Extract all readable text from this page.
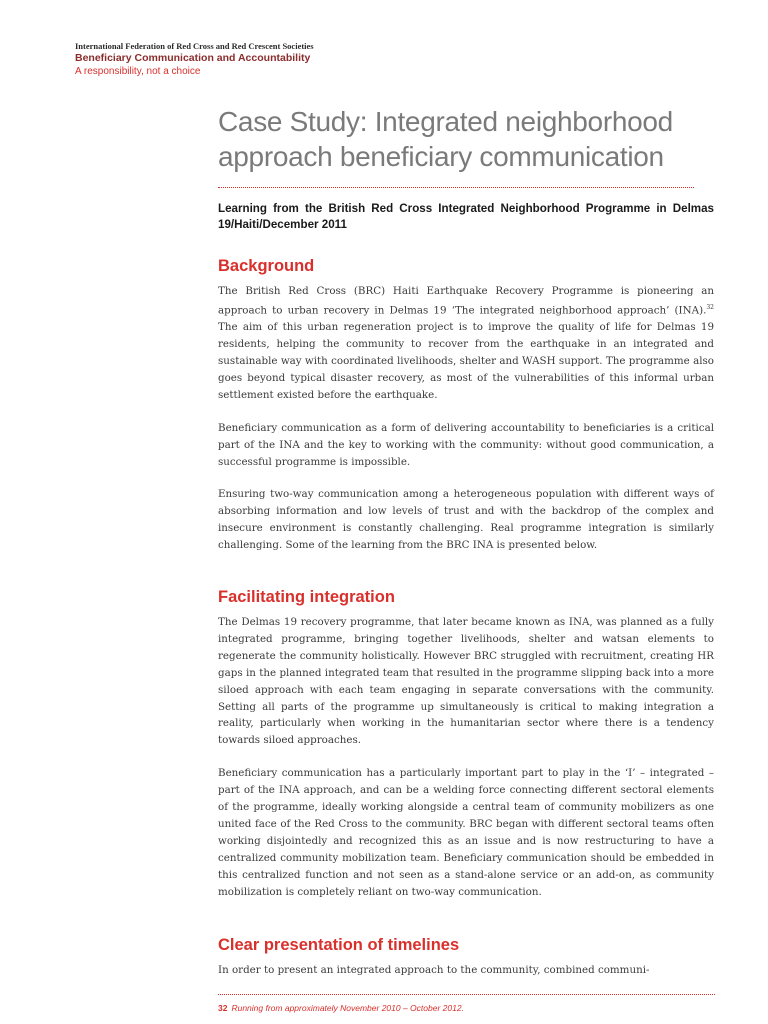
International Federation of Red Cross and Red Crescent Societies
Beneficiary Communication and Accountability
A responsibility, not a choice
Case Study: Integrated neighborhood
approach beneficiary communication

Learning from the British Red Cross Integrated Neighborhood Programme in Delmas 19/Haiti/December 2011

Background

The British Red Cross (BRC) Haiti Earthquake Recovery Programme is pioneering an approach to urban recovery in Delmas 19 ‘The integrated neighborhood approach’ (INA).$^{32}$ The aim of this urban regeneration project is to improve the quality of life for Delmas 19 residents, helping the community to recover from the earthquake in an integrated and sustainable way with coordinated livelihoods, shelter and WASH support. The programme also goes beyond typical disaster recovery, as most of the vulnerabilities of this informal urban settlement existed before the earthquake.

Beneficiary communication as a form of delivering accountability to beneficiaries is a critical part of the INA and the key to working with the community: without good communication, a successful programme is impossible.

Ensuring two-way communication among a heterogeneous population with different ways of absorbing information and low levels of trust and with the backdrop of the complex and insecure environment is constantly challenging. Real programme integration is similarly challenging. Some of the learning from the BRC INA is presented below.

Facilitating integration

The Delmas 19 recovery programme, that later became known as INA, was planned as a fully integrated programme, bringing together livelihoods, shelter and watsan elements to regenerate the community holistically. However BRC struggled with recruitment, creating HR gaps in the planned integrated team that resulted in the programme slipping back into a more siloed approach with each team engaging in separate conversations with the community. Setting all parts of the programme up simultaneously is critical to making integration a reality, particularly when working in the humanitarian sector where there is a tendency towards siloed approaches.

Beneficiary communication has a particularly important part to play in the ‘I’ – integrated – part of the INA approach, and can be a welding force connecting different sectoral elements of the programme, ideally working alongside a central team of community mobilizers as one united face of the Red Cross to the community. BRC began with different sectoral teams often working disjointedly and recognized this as an issue and is now restructuring to have a centralized community mobilization team. Beneficiary communication should be embedded in this centralized function and not seen as a stand-alone service or an add-on, as community mobilization is completely reliant on two-way communication.

Clear presentation of timelines

In order to present an integrated approach to the community, combined communi-

32 Running from approximately November 2010 – October 2012.
